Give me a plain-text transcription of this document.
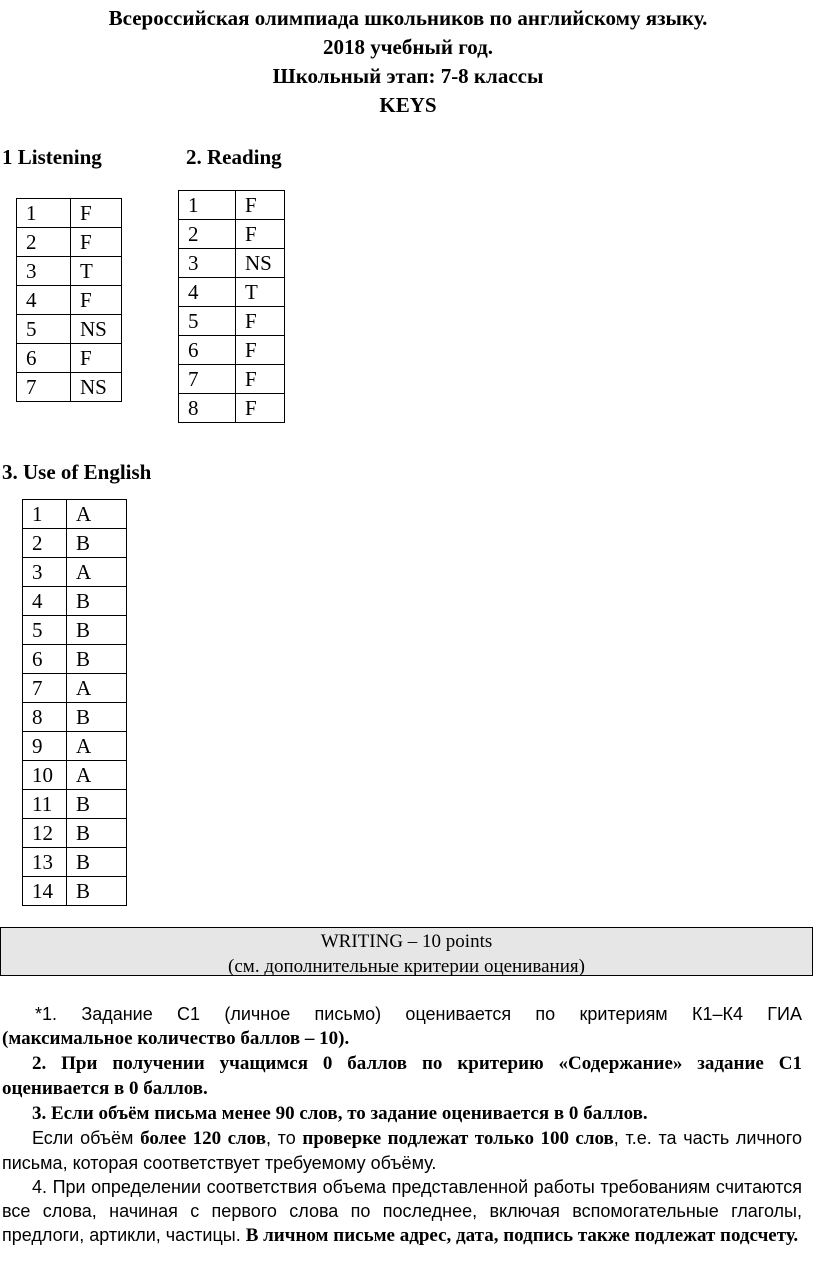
Всероссийская олимпиада школьников по английскому языку.
2018 учебный год.
Школьный этап: 7-8 классы
KEYS
1 Listening	2. Reading
1	F
2	F
3	T
4	F
5	NS
6	F
7	NS
1	F
2	F
3	NS
4	T
5	F
6	F
7	F
8	F
3. Use of English
1	A
2	B
3	A
4	B
5	B
6	B
7	A
8	B
9	A
10	A
11	B
12	B
13	B
14	B
WRITING – 10 points
(см. дополнительные критерии оценивания)

*1. Задание С1 (личное письмо) оценивается по критериям К1–К4 ГИА

(максимальное количество баллов – 10).

2. При получении учащимся 0 баллов по критерию «Содержание» задание С1 оценивается в 0 баллов.

3. Если объём письма менее 90 слов, то задание оценивается в 0 баллов.

Если объём более 120 слов, то проверке подлежат только 100 слов, т.е. та часть личного письма, которая соответствует требуемому объёму.

4. При определении соответствия объема представленной работы требованиям считаются все слова, начиная с первого слова по последнее, включая вспомогательные глаголы, предлоги, артикли, частицы. В личном письме адрес, дата, подпись также подлежат подсчету.
